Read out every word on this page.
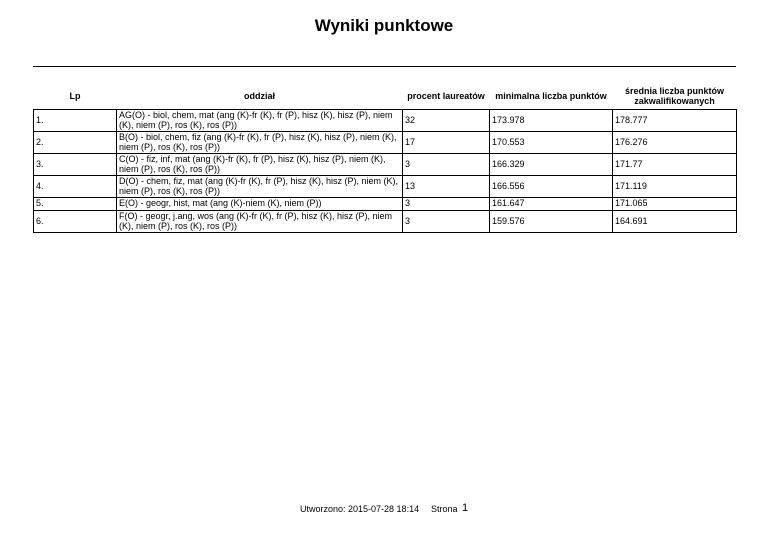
Wyniki punktowe
Lp	oddział	procent laureatów	minimalna liczba punktów	średnia liczba punktów
zakwalifikowanych
1.	AG(O) - biol, chem, mat (ang (K)-fr (K), fr (P), hisz (K), hisz (P), niem (K), niem (P), ros (K), ros (P))	32	173.978	178.777
2.	B(O) - biol, chem, fiz (ang (K)-fr (K), fr (P), hisz (K), hisz (P), niem (K), niem (P), ros (K), ros (P))	17	170.553	176.276
3.	C(O) - fiz, inf, mat (ang (K)-fr (K), fr (P), hisz (K), hisz (P), niem (K), niem (P), ros (K), ros (P))	3	166.329	171.77
4.	D(O) - chem, fiz, mat (ang (K)-fr (K), fr (P), hisz (K), hisz (P), niem (K), niem (P), ros (K), ros (P))	13	166.556	171.119
5.	E(O) - geogr, hist, mat (ang (K)-niem (K), niem (P))	3	161.647	171.065
6.	F(O) - geogr, j.ang, wos (ang (K)-fr (K), fr (P), hisz (K), hisz (P), niem (K), niem (P), ros (K), ros (P))	3	159.576	164.691
Utworzono: 2015-07-28 18:14 Strona 1
